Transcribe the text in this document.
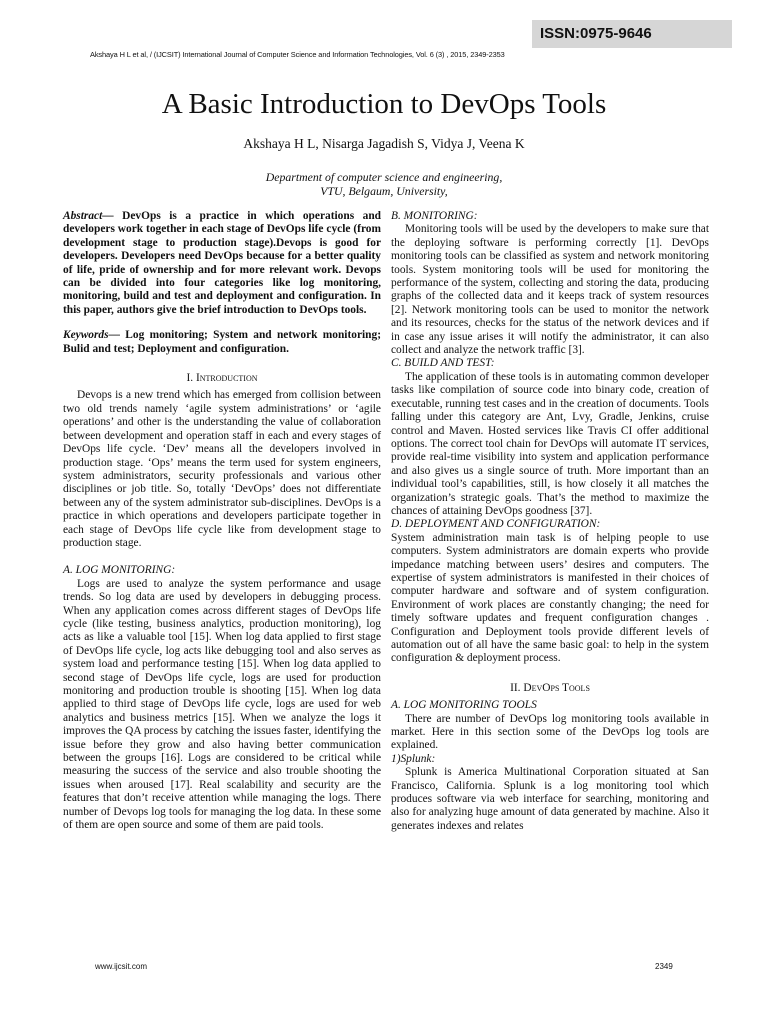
ISSN:0975-9646
Akshaya H L et al, / (IJCSIT) International Journal of Computer Science and Information Technologies, Vol. 6 (3) , 2015, 2349-2353
A Basic Introduction to DevOps Tools
Akshaya H L, Nisarga Jagadish S, Vidya J, Veena K
Department of computer science and engineering,
VTU, Belgaum, University,

Abstract— DevOps is a practice in which operations and developers work together in each stage of DevOps life cycle (from development stage to production stage).Devops is good for developers. Developers need DevOps because for a better quality of life, pride of ownership and for more relevant work. Devops can be divided into four categories like log monitoring, monitoring, build and test and deployment and configuration. In this paper, authors give the brief introduction to DevOps tools.

Keywords— Log monitoring; System and network monitoring; Bulid and test; Deployment and configuration.

I. Introduction

Devops is a new trend which has emerged from collision between two old trends namely ‘agile system administrations’ or ‘agile operations’ and other is the understanding the value of collaboration between development and operation staff in each and every stages of DevOps life cycle. ‘Dev’ means all the developers involved in production stage. ‘Ops’ means the term used for system engineers, system administrators, security professionals and various other disciplines or job title. So, totally ‘DevOps’ does not differentiate between any of the system administrator sub-disciplines. DevOps is a practice in which operations and developers participate together in each stage of DevOps life cycle like from development stage to production stage.

A. LOG MONITORING:

Logs are used to analyze the system performance and usage trends. So log data are used by developers in debugging process. When any application comes across different stages of DevOps life cycle (like testing, business analytics, production monitoring), log acts as like a valuable tool [15]. When log data applied to first stage of DevOps life cycle, log acts like debugging tool and also serves as system load and performance testing [15]. When log data applied to second stage of DevOps life cycle, logs are used for production monitoring and production trouble is shooting [15]. When log data applied to third stage of DevOps life cycle, logs are used for web analytics and business metrics [15]. When we analyze the logs it improves the QA process by catching the issues faster, identifying the issue before they grow and also having better communication between the groups [16]. Logs are considered to be critical while measuring the success of the service and also trouble shooting the issues when aroused [17]. Real scalability and security are the features that don’t receive attention while managing the logs. There number of Devops log tools for managing the log data. In these some of them are open source and some of them are paid tools.

B. MONITORING:

Monitoring tools will be used by the developers to make sure that the deploying software is performing correctly [1]. DevOps monitoring tools can be classified as system and network monitoring tools. System monitoring tools will be used for monitoring the performance of the system, collecting and storing the data, producing graphs of the collected data and it keeps track of system resources [2]. Network monitoring tools can be used to monitor the network and its resources, checks for the status of the network devices and if in case any issue arises it will notify the administrator, it can also collect and analyze the network traffic [3].

C. BUILD AND TEST:

The application of these tools is in automating common developer tasks like compilation of source code into binary code, creation of executable, running test cases and in the creation of documents. Tools falling under this category are Ant, Lvy, Gradle, Jenkins, cruise control and Maven. Hosted services like Travis CI offer additional options. The correct tool chain for DevOps will automate IT services, provide real-time visibility into system and application performance and also gives us a single source of truth. More important than an individual tool’s capabilities, still, is how closely it all matches the organization’s strategic goals. That’s the method to maximize the chances of attaining DevOps goodness [37].

D. DEPLOYMENT AND CONFIGURATION:

System administration main task is of helping people to use computers. System administrators are domain experts who provide impedance matching between users’ desires and computers. The expertise of system administrators is manifested in their choices of computer hardware and software and of system configuration. Environment of work places are constantly changing; the need for timely software updates and frequent configuration changes . Configuration and Deployment tools provide different levels of automation out of all have the same basic goal: to help in the system configuration & deployment process.

II. DevOps Tools

A. LOG MONITORING TOOLS

There are number of DevOps log monitoring tools available in market. Here in this section some of the DevOps log tools are explained.

1)Splunk:

Splunk is America Multinational Corporation situated at San Francisco, California. Splunk is a log monitoring tool which produces software via web interface for searching, monitoring and also for analyzing huge amount of data generated by machine. Also it generates indexes and relates

www.ijcsit.com	2349
